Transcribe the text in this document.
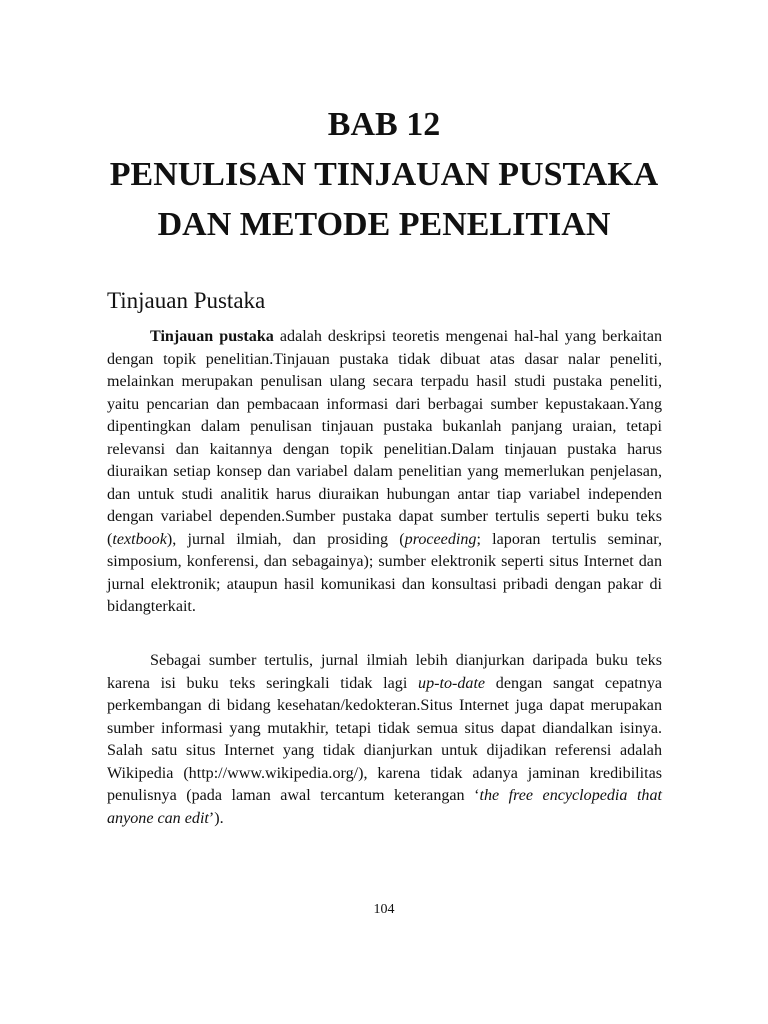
BAB 12
PENULISAN TINJAUAN PUSTAKA
DAN METODE PENELITIAN
Tinjauan Pustaka

Tinjauan pustaka adalah deskripsi teoretis mengenai hal-hal yang berkaitan dengan topik penelitian.Tinjauan pustaka tidak dibuat atas dasar nalar peneliti, melainkan merupakan penulisan ulang secara terpadu hasil studi pustaka peneliti, yaitu pencarian dan pembacaan informasi dari berbagai sumber kepustakaan.Yang dipentingkan dalam penulisan tinjauan pustaka bukanlah panjang uraian, tetapi relevansi dan kaitannya dengan topik penelitian.Dalam tinjauan pustaka harus diuraikan setiap konsep dan variabel dalam penelitian yang memerlukan penjelasan, dan untuk studi analitik harus diuraikan hubungan antar tiap variabel independen dengan variabel dependen.Sumber pustaka dapat sumber tertulis seperti buku teks (textbook), jurnal ilmiah, dan prosiding (proceeding; laporan tertulis seminar, simposium, konferensi, dan sebagainya); sumber elektronik seperti situs Internet dan jurnal elektronik; ataupun hasil komunikasi dan konsultasi pribadi dengan pakar di bidangterkait.

Sebagai sumber tertulis, jurnal ilmiah lebih dianjurkan daripada buku teks karena isi buku teks seringkali tidak lagi up-to-date dengan sangat cepatnya perkembangan di bidang kesehatan/kedokteran.Situs Internet juga dapat merupakan sumber informasi yang mutakhir, tetapi tidak semua situs dapat diandalkan isinya. Salah satu situs Internet yang tidak dianjurkan untuk dijadikan referensi adalah Wikipedia (http://www.wikipedia.org/), karena tidak adanya jaminan kredibilitas penulisnya (pada laman awal tercantum keterangan ‘the free encyclopedia that anyone can edit’).

104
